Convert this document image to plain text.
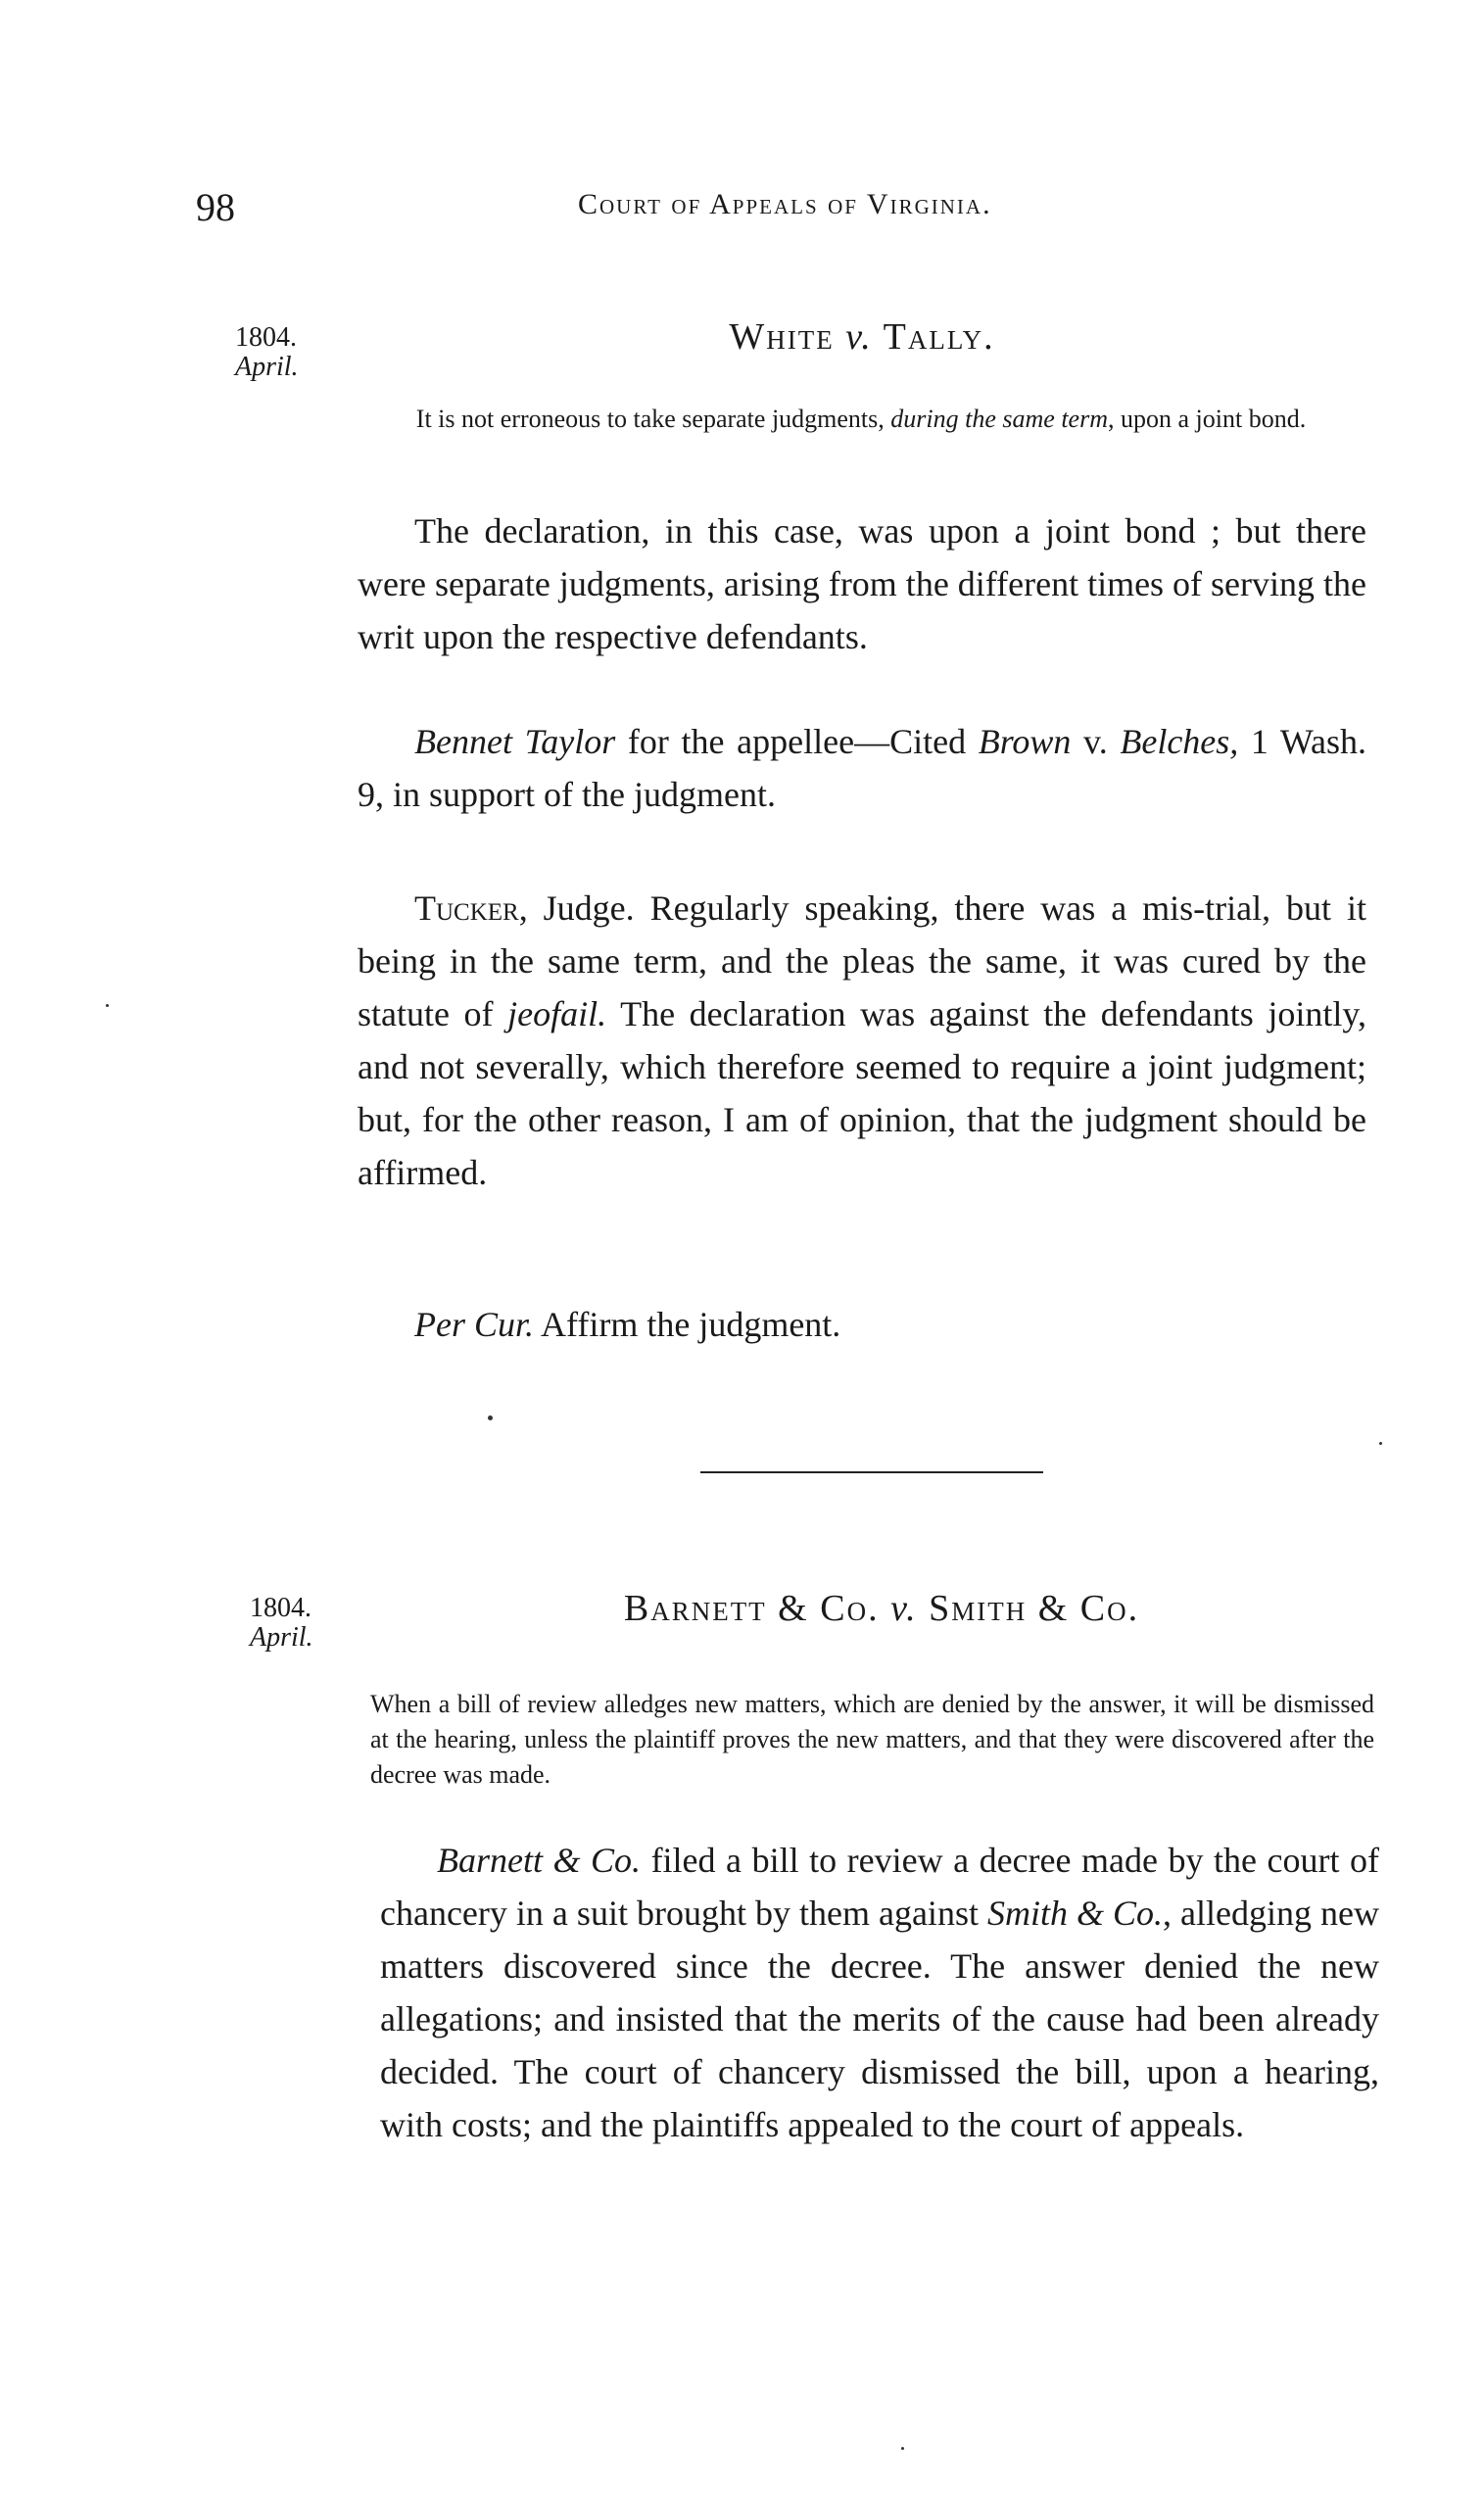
98	Court of Appeals of Virginia.
1804.
April.
White v. Tally.
It is not erroneous to take separate judgments, during the same term, upon a joint bond.
The declaration, in this case, was upon a joint bond ; but there were separate judgments, arising from the different times of serving the writ upon the respective defendants.
Bennet Taylor for the appellee—Cited Brown v. Belches, 1 Wash. 9, in support of the judgment.
Tucker, Judge. Regularly speaking, there was a mis-trial, but it being in the same term, and the pleas the same, it was cured by the statute of jeofail. The declaration was against the defendants jointly, and not severally, which therefore seemed to require a joint judgment; but, for the other reason, I am of opinion, that the judgment should be affirmed.
Per Cur. Affirm the judgment.
1804.
April.
Barnett & Co. v. Smith & Co.
When a bill of review alledges new matters, which are denied by the answer, it will be dismissed at the hearing, unless the plaintiff proves the new matters, and that they were discovered after the decree was made.
Barnett & Co. filed a bill to review a decree made by the court of chancery in a suit brought by them against Smith & Co., alledging new matters discovered since the decree. The answer denied the new allegations; and insisted that the merits of the cause had been already decided. The court of chancery dismissed the bill, upon a hearing, with costs; and the plaintiffs appealed to the court of appeals.
